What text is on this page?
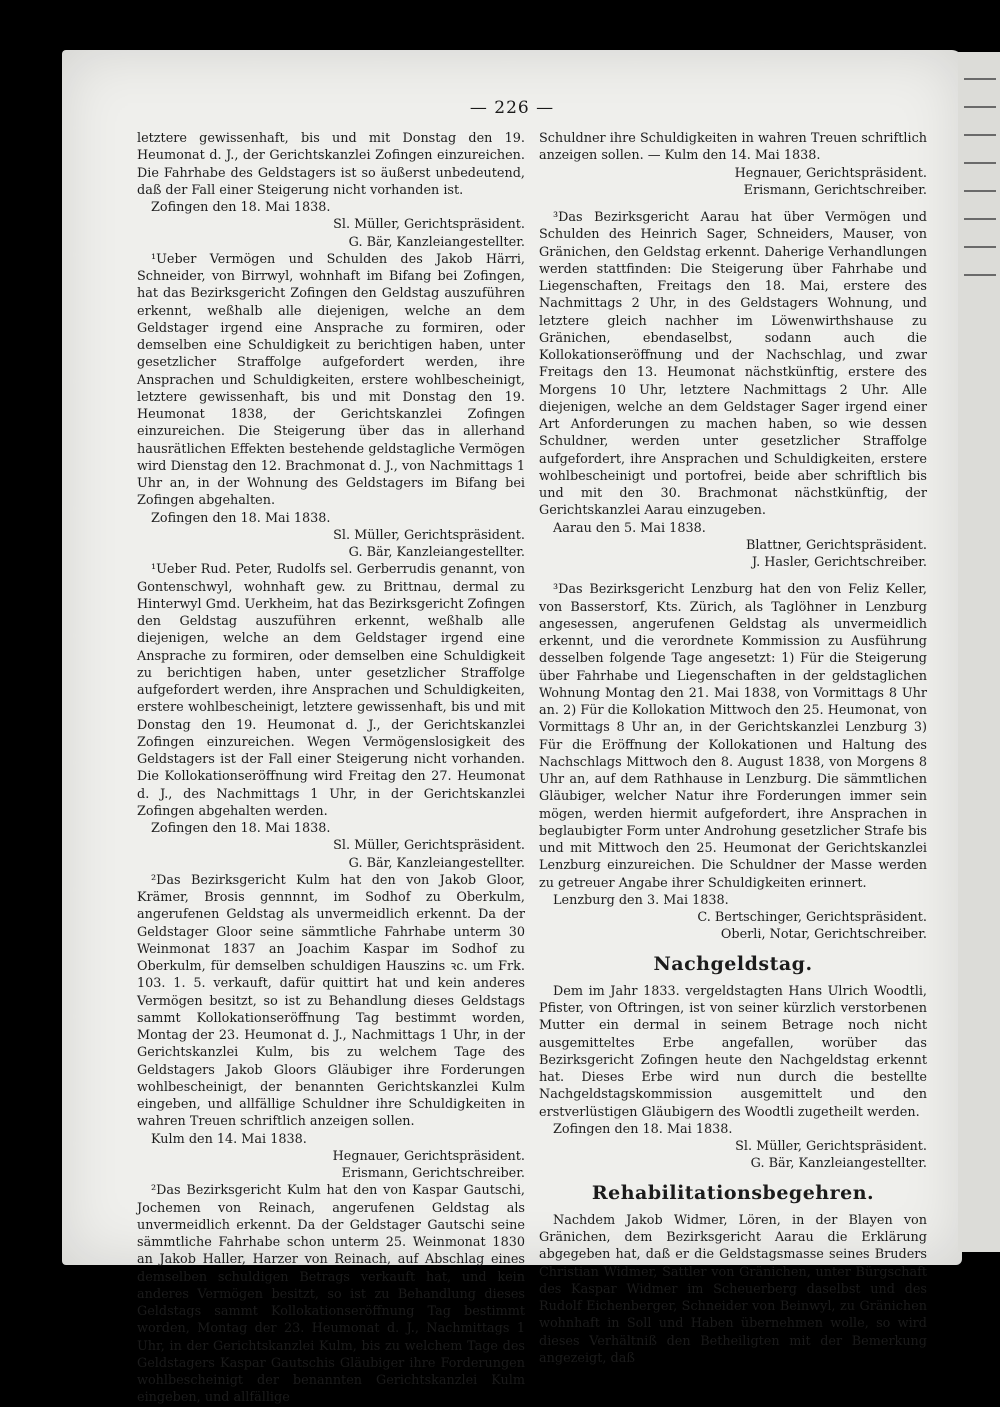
— 226 —

letztere gewissenhaft, bis und mit Donstag den 19. Heumonat d. J., der Gerichtskanzlei Zofingen einzureichen. Die Fahrhabe des Geldstagers ist so äußerst unbedeutend, daß der Fall einer Steigerung nicht vorhanden ist.

Zofingen den 18. Mai 1838.

Sl. Müller, Gerichtspräsident.

G. Bär, Kanzleiangestellter.

¹Ueber Vermögen und Schulden des Jakob Härri, Schneider, von Birrwyl, wohnhaft im Bifang bei Zofingen, hat das Bezirksgericht Zofingen den Geldstag auszuführen erkennt, weßhalb alle diejenigen, welche an dem Geldstager irgend eine Ansprache zu formiren, oder demselben eine Schuldigkeit zu berichtigen haben, unter gesetzlicher Straffolge aufgefordert werden, ihre Ansprachen und Schuldigkeiten, erstere wohlbescheinigt, letztere gewissenhaft, bis und mit Donstag den 19. Heumonat 1838, der Gerichtskanzlei Zofingen einzureichen. Die Steigerung über das in allerhand hausrätlichen Effekten bestehende geldstagliche Vermögen wird Dienstag den 12. Brachmonat d. J., von Nachmittags 1 Uhr an, in der Wohnung des Geldstagers im Bifang bei Zofingen abgehalten.

Zofingen den 18. Mai 1838.

Sl. Müller, Gerichtspräsident.

G. Bär, Kanzleiangestellter.

¹Ueber Rud. Peter, Rudolfs sel. Gerberrudis genannt, von Gontenschwyl, wohnhaft gew. zu Brittnau, dermal zu Hinterwyl Gmd. Uerkheim, hat das Bezirksgericht Zofingen den Geldstag auszuführen erkennt, weßhalb alle diejenigen, welche an dem Geldstager irgend eine Ansprache zu formiren, oder demselben eine Schuldigkeit zu berichtigen haben, unter gesetzlicher Straffolge aufgefordert werden, ihre Ansprachen und Schuldigkeiten, erstere wohlbescheinigt, letztere gewissenhaft, bis und mit Donstag den 19. Heumonat d. J., der Gerichtskanzlei Zofingen einzureichen. Wegen Vermögenslosigkeit des Geldstagers ist der Fall einer Steigerung nicht vorhanden. Die Kollokationseröffnung wird Freitag den 27. Heumonat d. J., des Nachmittags 1 Uhr, in der Gerichtskanzlei Zofingen abgehalten werden.

Zofingen den 18. Mai 1838.

Sl. Müller, Gerichtspräsident.

G. Bär, Kanzleiangestellter.

²Das Bezirksgericht Kulm hat den von Jakob Gloor, Krämer, Brosis gennnnt, im Sodhof zu Oberkulm, angerufenen Geldstag als unvermeidlich erkennt. Da der Geldstager Gloor seine sämmtliche Fahrhabe unterm 30 Weinmonat 1837 an Joachim Kaspar im Sodhof zu Oberkulm, für demselben schuldigen Hauszins ꝛc. um Frk. 103. 1. 5. verkauft, dafür quittirt hat und kein anderes Vermögen besitzt, so ist zu Behandlung dieses Geldstags sammt Kollokationseröffnung Tag bestimmt worden, Montag der 23. Heumonat d. J., Nachmittags 1 Uhr, in der Gerichtskanzlei Kulm, bis zu welchem Tage des Geldstagers Jakob Gloors Gläubiger ihre Forderungen wohlbescheinigt, der benannten Gerichtskanzlei Kulm eingeben, und allfällige Schuldner ihre Schuldigkeiten in wahren Treuen schriftlich anzeigen sollen.

Kulm den 14. Mai 1838.

Hegnauer, Gerichtspräsident.

Erismann, Gerichtschreiber.

²Das Bezirksgericht Kulm hat den von Kaspar Gautschi, Jochemen von Reinach, angerufenen Geldstag als unvermeidlich erkennt. Da der Geldstager Gautschi seine sämmtliche Fahrhabe schon unterm 25. Weinmonat 1830 an Jakob Haller, Harzer von Reinach, auf Abschlag eines demselben schuldigen Betrags verkauft hat, und kein anderes Vermögen besitzt, so ist zu Behandlung dieses Geldstags sammt Kollokationseröffnung Tag bestimmt worden, Montag der 23. Heumonat d. J., Nachmittags 1 Uhr, in der Gerichtskanzlei Kulm, bis zu welchem Tage des Geldstagers Kaspar Gautschis Gläubiger ihre Forderungen wohlbescheinigt der benannten Gerichtskanzlei Kulm eingeben, und allfällige

Schuldner ihre Schuldigkeiten in wahren Treuen schriftlich anzeigen sollen. — Kulm den 14. Mai 1838.

Hegnauer, Gerichtspräsident.

Erismann, Gerichtschreiber.

³Das Bezirksgericht Aarau hat über Vermögen und Schulden des Heinrich Sager, Schneiders, Mauser, von Gränichen, den Geldstag erkennt. Daherige Verhandlungen werden stattfinden: Die Steigerung über Fahrhabe und Liegenschaften, Freitags den 18. Mai, erstere des Nachmittags 2 Uhr, in des Geldstagers Wohnung, und letztere gleich nachher im Löwenwirthshause zu Gränichen, ebendaselbst, sodann auch die Kollokationseröffnung und der Nachschlag, und zwar Freitags den 13. Heumonat nächstkünftig, erstere des Morgens 10 Uhr, letztere Nachmittags 2 Uhr. Alle diejenigen, welche an dem Geldstager Sager irgend einer Art Anforderungen zu machen haben, so wie dessen Schuldner, werden unter gesetzlicher Straffolge aufgefordert, ihre Ansprachen und Schuldigkeiten, erstere wohlbescheinigt und portofrei, beide aber schriftlich bis und mit den 30. Brachmonat nächstkünftig, der Gerichtskanzlei Aarau einzugeben.

Aarau den 5. Mai 1838.

Blattner, Gerichtspräsident.

J. Hasler, Gerichtschreiber.

³Das Bezirksgericht Lenzburg hat den von Feliz Keller, von Basserstorf, Kts. Zürich, als Taglöhner in Lenzburg angesessen, angerufenen Geldstag als unvermeidlich erkennt, und die verordnete Kommission zu Ausführung desselben folgende Tage angesetzt: 1) Für die Steigerung über Fahrhabe und Liegenschaften in der geldstaglichen Wohnung Montag den 21. Mai 1838, von Vormittags 8 Uhr an. 2) Für die Kollokation Mittwoch den 25. Heumonat, von Vormittags 8 Uhr an, in der Gerichtskanzlei Lenzburg 3) Für die Eröffnung der Kollokationen und Haltung des Nachschlags Mittwoch den 8. August 1838, von Morgens 8 Uhr an, auf dem Rathhause in Lenzburg. Die sämmtlichen Gläubiger, welcher Natur ihre Forderungen immer sein mögen, werden hiermit aufgefordert, ihre Ansprachen in beglaubigter Form unter Androhung gesetzlicher Strafe bis und mit Mittwoch den 25. Heumonat der Gerichtskanzlei Lenzburg einzureichen. Die Schuldner der Masse werden zu getreuer Angabe ihrer Schuldigkeiten erinnert.

Lenzburg den 3. Mai 1838.

C. Bertschinger, Gerichtspräsident.

Oberli, Notar, Gerichtschreiber.

Nachgeldstag.

Dem im Jahr 1833. vergeldstagten Hans Ulrich Woodtli, Pfister, von Oftringen, ist von seiner kürzlich verstorbenen Mutter ein dermal in seinem Betrage noch nicht ausgemitteltes Erbe angefallen, worüber das Bezirksgericht Zofingen heute den Nachgeldstag erkennt hat. Dieses Erbe wird nun durch die bestellte Nachgeldstagskommission ausgemittelt und den erstverlüstigen Gläubigern des Woodtli zugetheilt werden.

Zofingen den 18. Mai 1838.

Sl. Müller, Gerichtspräsident.

G. Bär, Kanzleiangestellter.

Rehabilitationsbegehren.

Nachdem Jakob Widmer, Lören, in der Blayen von Gränichen, dem Bezirksgericht Aarau die Erklärung abgegeben hat, daß er die Geldstagsmasse seines Bruders Christian Widmer, Sattler von Gränichen, unter Bürgschaft des Kaspar Widmer im Scheuerberg daselbst und des Rudolf Eichenberger, Schneider von Beinwyl, zu Gränichen wohnhaft in Soll und Haben übernehmen wolle, so wird dieses Verhältniß den Betheiligten mit der Bemerkung angezeigt, daß
